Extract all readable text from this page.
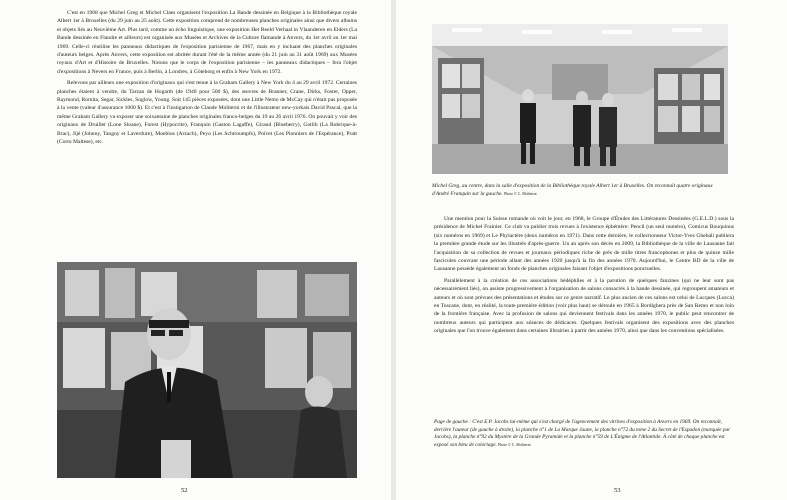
C'est en 1968 que Michel Greg et Michel Claes organisent l'exposition La Bande dessinée en Belgique à la Bibliothèque royale Albert 1er à Bruxelles (du 29 juin au 25 août). Cette exposition comprend de nombreuses planches originales ainsi que divers albums et objets liés au Neuvième Art. Plus tard, comme un écho linguistique, une exposition Het Beeld Verhaal in Vlaanderen en Elders (La Bande dessinée en Flandre et ailleurs) est organisée aux Musées et Archives de la Culture flamande à Anvers, du 1er avril au 1er mai 1969. Celle-ci réutilise les panneaux didactiques de l'exposition parisienne de 1967, mais en y incluant des planches originales d'auteurs belges. Après Anvers, cette exposition est abritée durant l'été de la même année (du 21 juin au 31 août 1969) aux Musées royaux d'Art et d'Histoire de Bruxelles. Notons que le corps de l'exposition parisienne – les panneaux didactiques – fera l'objet d'expositions à Nevers en France, puis à Berlin, à Londres, à Göteborg et enfin à New York en 1972.

Relevons par ailleurs une exposition d'originaux qui s'est tenue à la Graham Gallery à New York du 4 au 29 avril 1972. Certaines planches étaient à vendre, du Tarzan de Hogarth (de 1948 pour 500 $), des œuvres de Branner, Crane, Dirks, Foster, Opper, Raymond, Romita, Segar, Sickles, Soglow, Young. Soit 145 pièces exposées, dont une Little Nemo de McCay qui n'était pas proposée à la vente (valeur d'assurance 1000 $). Et c'est à l'instigation de Claude Moliterni et de l'illustrateur new-yorkais David Pascal, que la même Graham Gallery va exposer une soixantaine de planches originales franco-belges du 19 au 26 avril 1976. On pouvait y voir des originaux de Druillet (Lone Sloane), Forest (Hypocrite), Franquin (Gaston Lagaffe), Giraud (Blueberry), Gotlib (La Rubrique-à-Brac), Jijé (Johnny, Tanguy et Laverdure), Moebius (Arzach), Peyo (Les Schtroumpfs), Poïvet (Les Pionniers de l'Espérance), Pratt (Corto Maltese), etc.

52
Michel Greg, au centre, dans la salle d'exposition de la Bibliothèque royale Albert 1er à Bruxelles. On reconnaît quatre originaux d'André Franquin sur la gauche. Photo © C. Moliterni

Une mention pour la Suisse romande où voit le jour, en 1968, le Groupe d'Études des Littératures Dessinées (G.E.L.D.) sous la présidence de Michel Frainier. Ce club va publier trois revues à l'existence éphémère: Pencil (un seul numéro), Comicus Bouquinus (six numéros en 1969) et Le Phylactère (deux numéros en 1971). Dans cette dernière, le collectionneur Victor-Yves Ghebali publiera la première grande étude sur les illustrés d'après-guerre. Un an après son décès en 2009, la Bibliothèque de la ville de Lausanne fait l'acquisition de sa collection de revues et journaux périodiques riche de près de mille titres francophones et plus de quinze mille fascicules couvrant une période allant des années 1920 jusqu'à la fin des années 1970. Aujourd'hui, le Centre BD de la ville de Lausanne possède également un fonds de planches originales faisant l'objet d'expositions ponctuelles.

Parallèlement à la création de ces associations bédéphiles et à la parution de quelques fanzines (qui ne leur sont pas nécessairement liés), on assiste progressivement à l'organisation de salons consacrés à la bande dessinée, qui regroupent amateurs et auteurs et où sont prévues des présentations et études sur ce genre narratif. Le plus ancien de ces salons est celui de Lucques (Lucca) en Toscane, dont, en réalité, la toute première édition (voir plus haut) se déroule en 1965 à Bordighera près de San Remo et non loin de la frontière française. Avec la profusion de salons qui deviennent festivals dans les années 1970, le public peut rencontrer de nombreux auteurs qui participent aux séances de dédicaces. Quelques festivals organisent des expositions avec des planches originales que l'on trouve également dans certaines librairies à partir des années 1970, ainsi que dans les conventions spécialisées.

Page de gauche : C'est E.P. Jacobs lui-même qui s'est chargé de l'agencement des vitrines d'exposition à Anvers en 1969. On reconnaît, derrière l'auteur (de gauche à droite), la planche n°1 de La Marque Jaune, la planche n°72 du tome 2 du Secret de l'Espadon (marquée par Jacobs), la planche n°92 du Mystère de la Grande Pyramide et la planche n°59 de L'Énigme de l'Atlantide. À côté de chaque planche est exposé son bleu de coloriage. Photo © C. Moliterni
53
